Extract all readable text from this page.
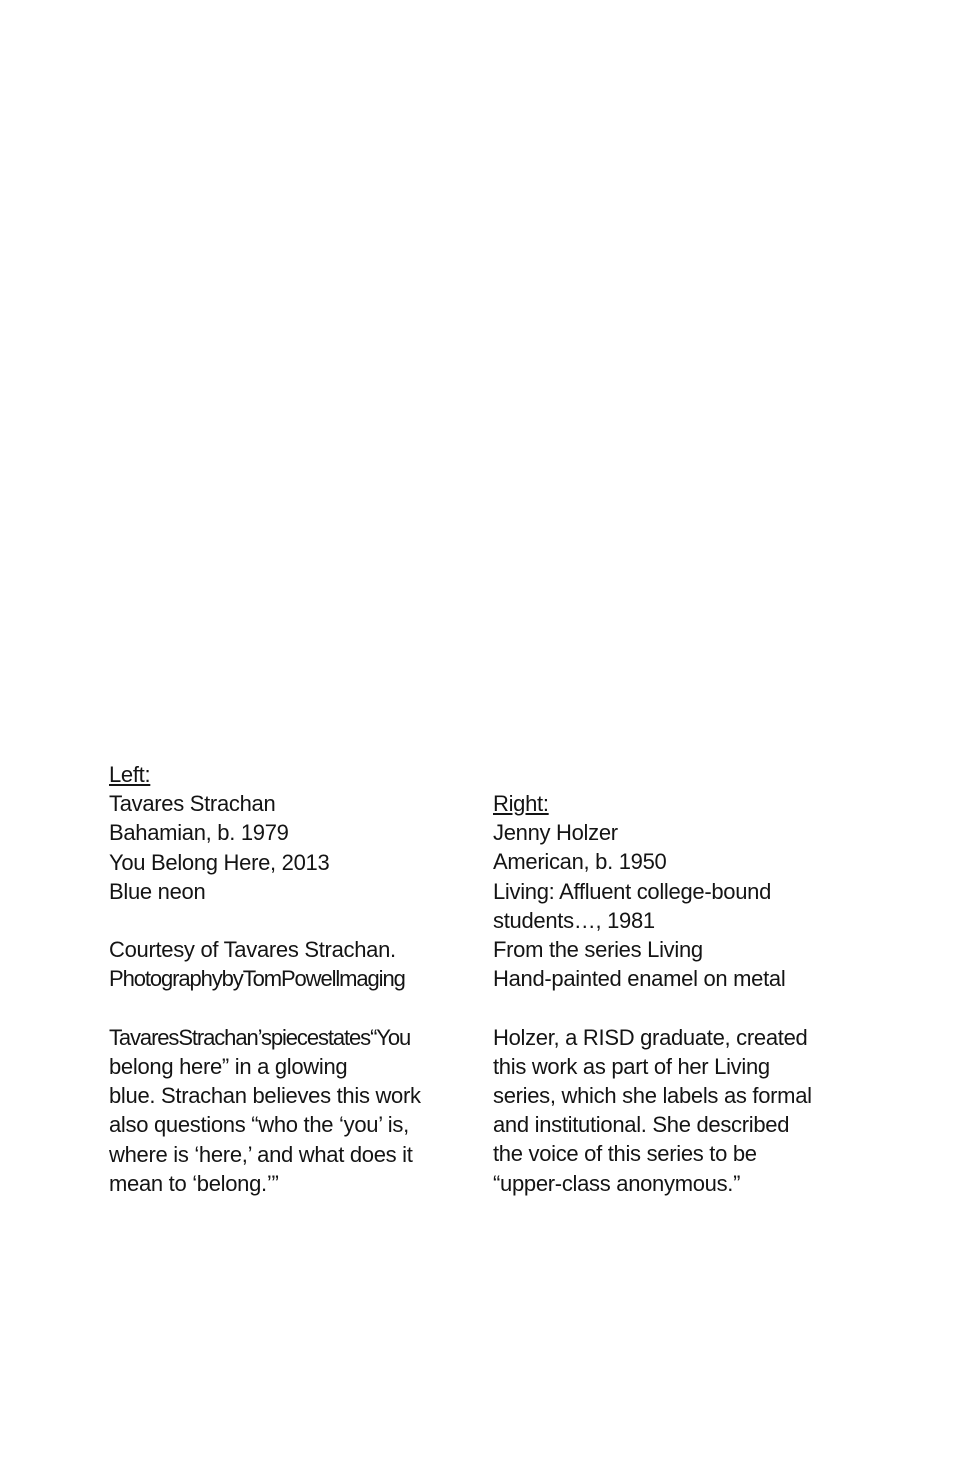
Left:
Tavares Strachan
Bahamian, b. 1979
You Belong Here, 2013
Blue neon
Courtesy of Tavares Strachan.
PhotographybyTomPowellmaging
TavaresStrachan’spiecestates“You
belong here” in a glowing
blue. Strachan believes this work
also questions “who the ‘you’ is,
where is ‘here,’ and what does it
mean to ‘belong.’”
Right:
Jenny Holzer
American, b. 1950
Living: Affluent college-bound
students…, 1981
From the series Living
Hand-painted enamel on metal
Holzer, a RISD graduate, created
this work as part of her Living
series, which she labels as formal
and institutional. She described
the voice of this series to be
“upper-class anonymous.”
